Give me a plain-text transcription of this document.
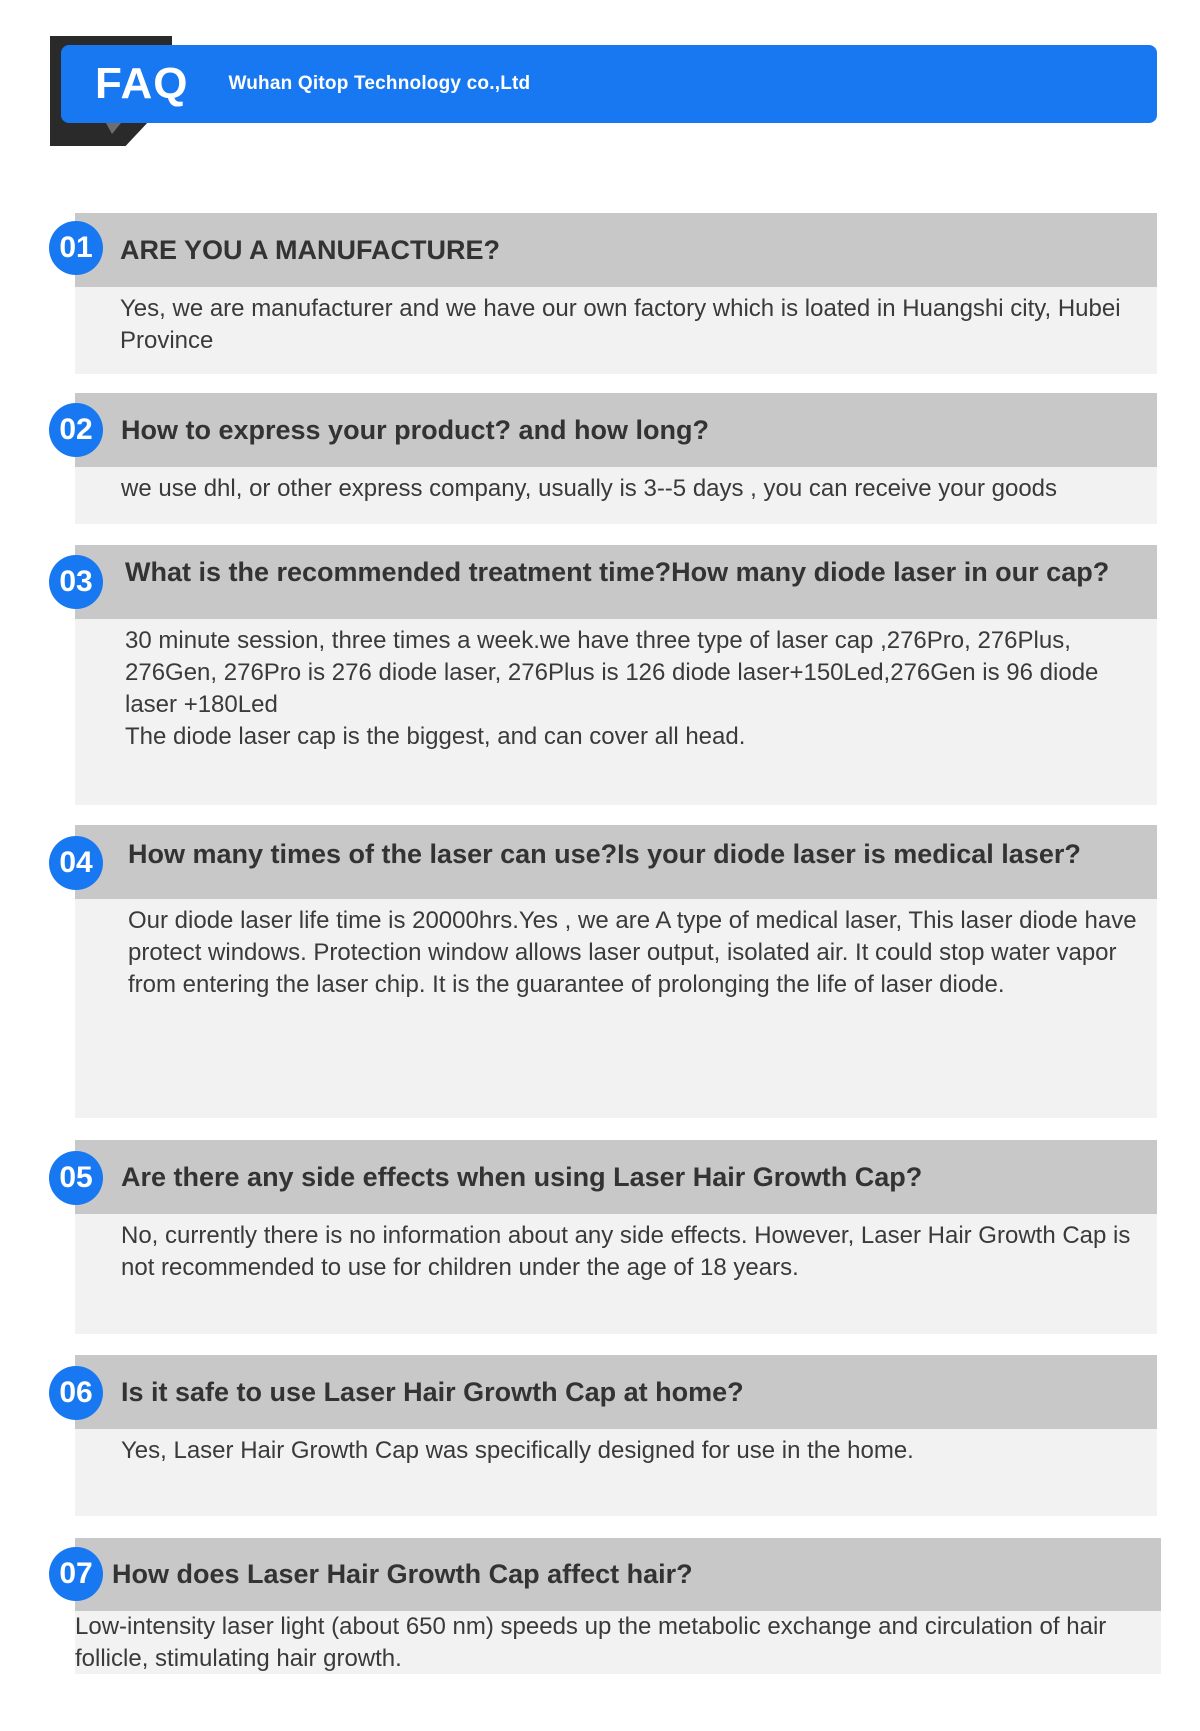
FAQ Wuhan Qitop Technology co.,Ltd
ARE YOU A MANUFACTURE?

Yes, we are manufacturer and we have our own factory which is loated in Huangshi city, Hubei Province

01
How to express your product? and how long?

we use dhl, or other express company, usually is 3--5 days , you can receive your goods

02
What is the recommended treatment time?How many diode laser in our cap?

30 minute session, three times a week.we have three type of laser cap ,276Pro, 276Plus, 276Gen, 276Pro is 276 diode laser, 276Plus is 126 diode laser+150Led,276Gen is 96 diode laser +180Led

The diode laser cap is the biggest, and can cover all head.

03
How many times of the laser can use?Is your diode laser is medical laser?

Our diode laser life time is 20000hrs.Yes , we are A type of medical laser, This laser diode have protect windows. Protection window allows laser output, isolated air. It could stop water vapor from entering the laser chip. It is the guarantee of prolonging the life of laser diode.

04
Are there any side effects when using Laser Hair Growth Cap?

No, currently there is no information about any side effects. However, Laser Hair Growth Cap is not recommended to use for children under the age of 18 years.

05
Is it safe to use Laser Hair Growth Cap at home?

Yes, Laser Hair Growth Cap was specifically designed for use in the home.

06
How does Laser Hair Growth Cap affect hair?

Low-intensity laser light (about 650 nm) speeds up the metabolic exchange and circulation of hair follicle, stimulating hair growth.

07
